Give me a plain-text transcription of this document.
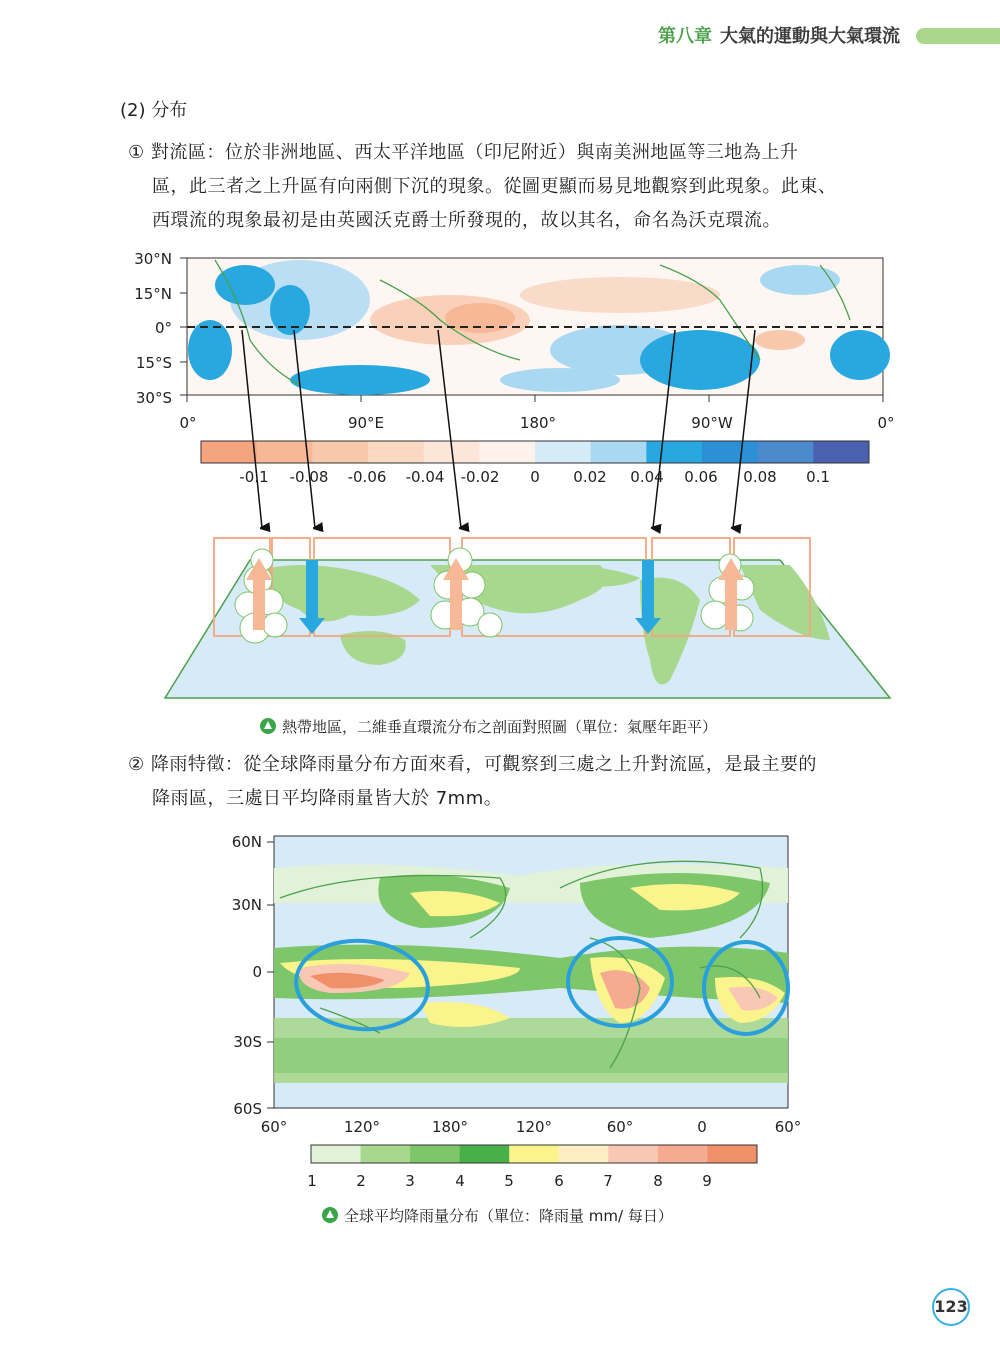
第八章 大氣的運動與大氣環流
(2) 分布
① 對流區：位於非洲地區、西太平洋地區（印尼附近）與南美洲地區等三地為上升
區，此三者之上升區有向兩側下沉的現象。從圖更顯而易見地觀察到此現象。此東、
西環流的現象最初是由英國沃克爵士所發現的，故以其名，命名為沃克環流。
30°N
15°N
0°
15°S
30°S
0°	90°E	180°	90°W	0°
-0.1 -0.08 -0.06 -0.04 -0.02 0 0.02 0.04 0.06 0.08 0.1
熱帶地區，二維垂直環流分布之剖面對照圖（單位：氣壓年距平）
② 降雨特徵：從全球降雨量分布方面來看，可觀察到三處之上升對流區，是最主要的
降雨區，三處日平均降雨量皆大於 7mm。
60N
30N
0
30S
60S
60°	120°	180°	120°	60°	0	60°
1	2	3	4	5	6	7	8	9
全球平均降雨量分布（單位：降雨量 mm/ 每日）
123
